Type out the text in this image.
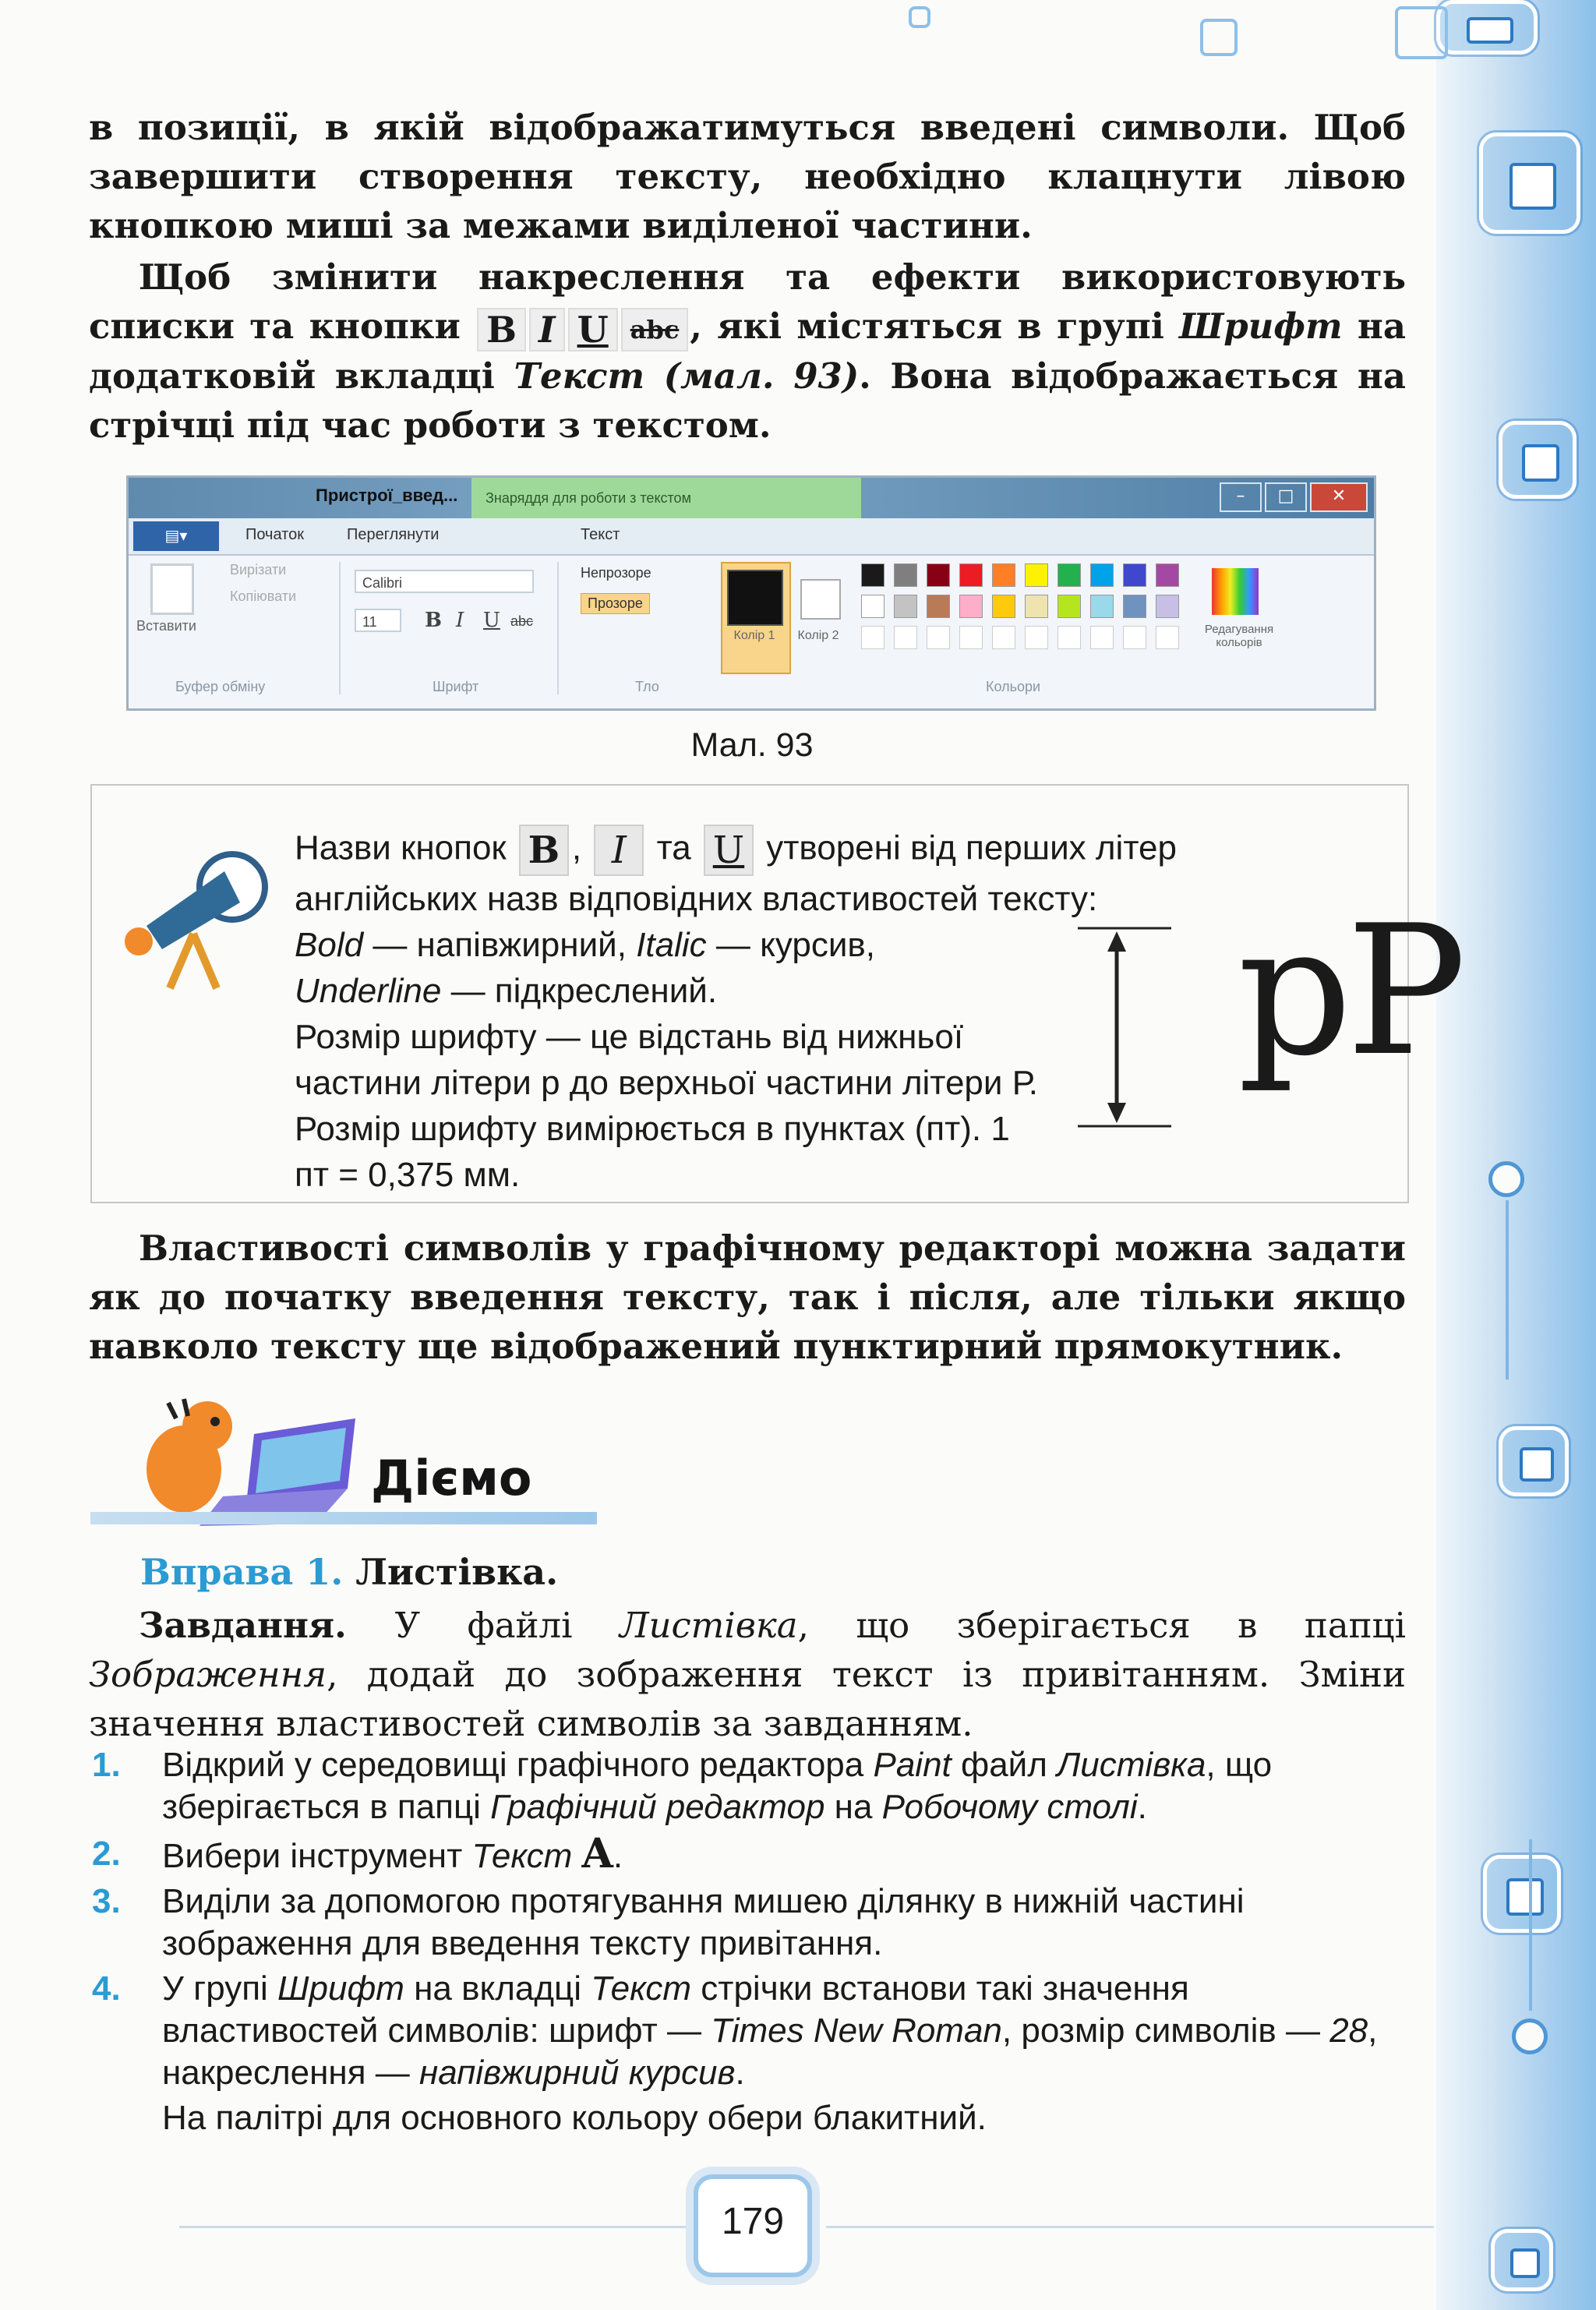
в позиції, в якій відображатимуться введені символи. Щоб завершити створення тексту, необхідно клацнути лівою кнопкою миші за межами виділеної частини.
Щоб змінити накреслення та ефекти використовують списки та кнопки B I U abc , які містяться в групі Шрифт на додатковій вкладці Текст (мал. 93). Вона відображається на стрічці під час роботи з текстом.
Пристрої_введ...	Знаряддя для роботи з текстом	–	□	✕
▤▾	Початок	Переглянути	Текст
Вставити
Вирізати
Копіювати
Буфер обміну
Calibri
11	B I U abc
Шрифт
Непрозоре
Прозоре
Тло
Колір 1	Колір 2	Редагування кольорів
Кольори
Мал. 93
Назви кнопок B , I та U утворені від перших літер англійських назв відповідних властивостей тексту:
Bold — напівжирний, Italic — курсив,
Underline — підкреслений.
Розмір шрифту — це відстань від нижньої частини літери р до верхньої частини літери Р. Розмір шрифту вимірюється в пунктах (пт). 1 пт = 0,375 мм.
pP
Властивості символів у графічному редакторі можна задати як до початку введення тексту, так і після, але тільки якщо навколо тексту ще відображений пунктирний прямокутник.
Діємо
Вправа 1. Листівка.
Завдання. У файлі Листівка, що зберігається в папці Зображення, додай до зображення текст із привітанням. Зміни значення властивостей символів за завданням.
1. Відкрий у середовищі графічного редактора Paint файл Листівка, що зберігається в папці Графічний редактор на Робочому столі.
2. Вибери інструмент Текст A.
3. Виділи за допомогою протягування мишею ділянку в нижній частині зображення для введення тексту привітання.
4. У групі Шрифт на вкладці Текст стрічки встанови такі значення властивостей символів: шрифт — Times New Roman, розмір символів — 28, накреслення — напівжирний курсив.
На палітрі для основного кольору обери блакитний.
179
